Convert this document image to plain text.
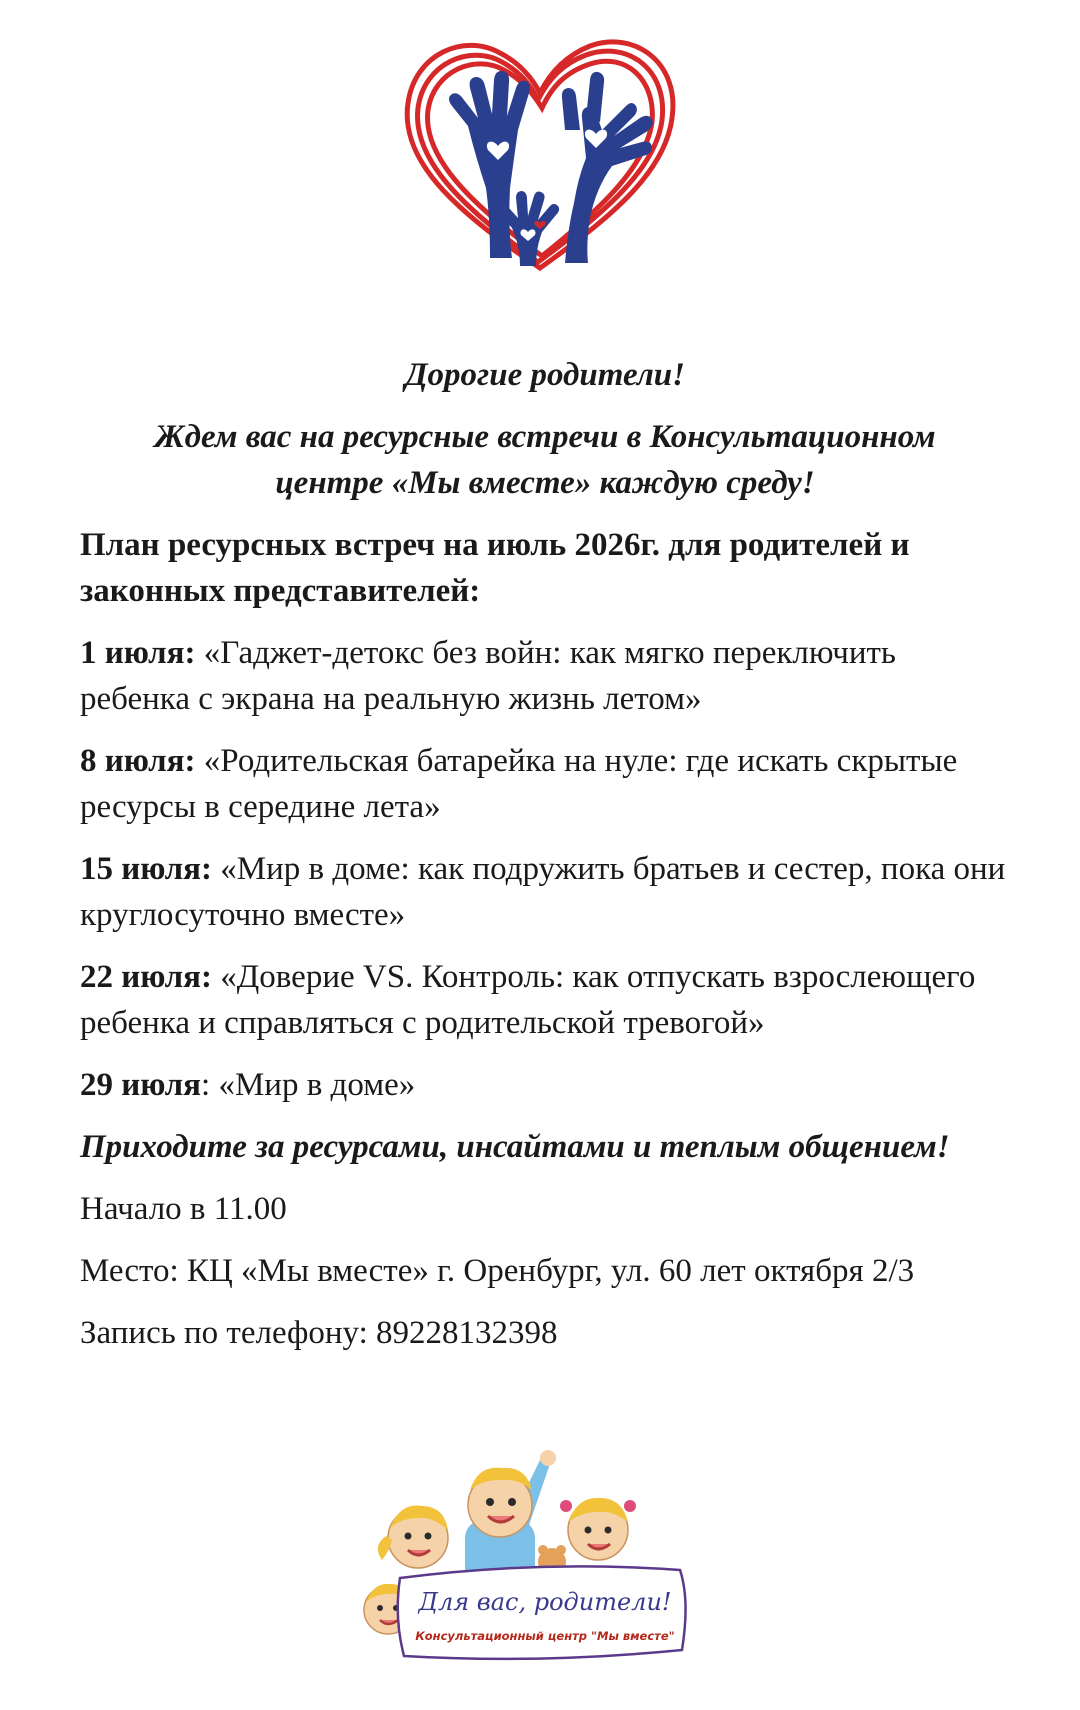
Дорогие родители!

Ждем вас на ресурсные встречи в Консультационном центре «Мы вместе» каждую среду!

План ресурсных встреч на июль 2026г. для родителей и законных представителей:

1 июля: «Гаджет-детокс без войн: как мягко переключить ребенка с экрана на реальную жизнь летом»

8 июля: «Родительская батарейка на нуле: где искать скрытые ресурсы в середине лета»

15 июля: «Мир в доме: как подружить братьев и сестер, пока они круглосуточно вместе»

22 июля: «Доверие VS. Контроль: как отпускать взрослеющего ребенка и справляться с родительской тревогой»

29 июля: «Мир в доме»

Приходите за ресурсами, инсайтами и теплым общением!

Начало в 11.00

Место: КЦ «Мы вместе» г. Оренбург, ул. 60 лет октября 2/3

Запись по телефону: 89228132398

Для вас, родители!
Консультационный центр "Мы вместе"
